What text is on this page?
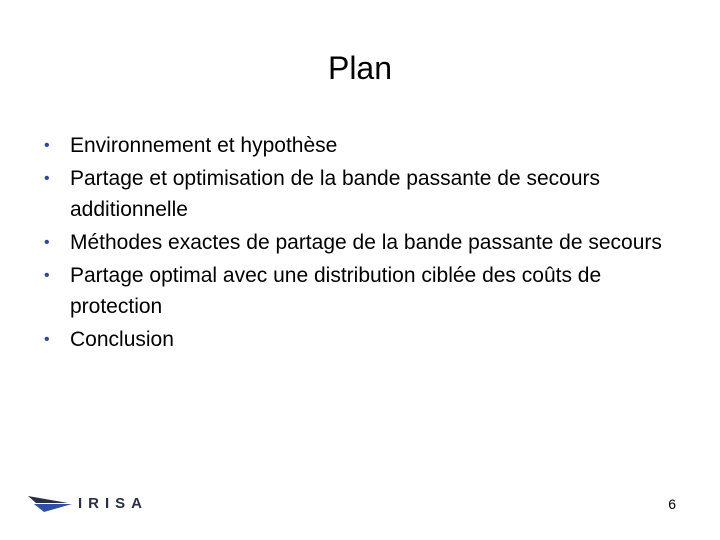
Plan
• Environnement et hypothèse
• Partage et optimisation de la bande passante de secours additionnelle
• Méthodes exactes de partage de la bande passante de secours
• Partage optimal avec une distribution ciblée des coûts de protection
• Conclusion
IRISA	6
